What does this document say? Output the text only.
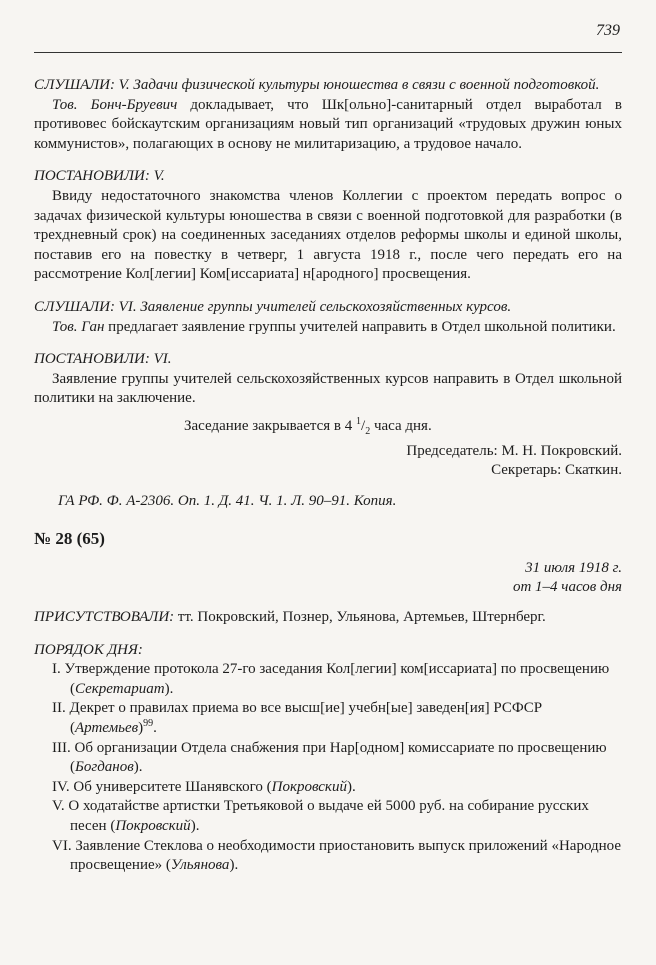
739

СЛУШАЛИ: V. Задачи физической культуры юношества в связи с военной подготовкой.

Тов. Бонч-Бруевич докладывает, что Шк[ольно]-санитарный отдел выработал в противовес бойскаутским организациям новый тип организаций «трудовых дружин юных коммунистов», полагающих в основу не милитаризацию, а трудовое начало.

ПОСТАНОВИЛИ: V.

Ввиду недостаточного знакомства членов Коллегии с проектом передать вопрос о задачах физической культуры юношества в связи с военной подготовкой для разработки (в трехдневный срок) на соединенных заседаниях отделов реформы школы и единой школы, поставив его на повестку в четверг, 1 августа 1918 г., после чего передать его на рассмотрение Кол[легии] Ком[иссариата] н[ародного] просвещения.

СЛУШАЛИ: VI. Заявление группы учителей сельскохозяйственных курсов.

Тов. Ган предлагает заявление группы учителей направить в Отдел школьной политики.

ПОСТАНОВИЛИ: VI.

Заявление группы учителей сельскохозяйственных курсов направить в Отдел школьной политики на заключение.

Заседание закрывается в 4 $^1/_2$ часа дня.

Председатель: М. Н. Покровский.

Секретарь: Скаткин.

ГА РФ. Ф. А-2306. Оп. 1. Д. 41. Ч. 1. Л. 90–91. Копия.

№ 28 (65)

31 июля 1918 г.

от 1–4 часов дня

ПРИСУТСТВОВАЛИ: тт. Покровский, Познер, Ульянова, Артемьев, Штернберг.

ПОРЯДОК ДНЯ:

I. Утверждение протокола 27-го заседания Кол[легии] ком[иссариата] по просвещению (Секретариат).

II. Декрет о правилах приема во все высш[ие] учебн[ые] заведен[ия] РСФСР (Артемьев)$^{99}$.

III. Об организации Отдела снабжения при Нар[одном] комиссариате по просвещению (Богданов).

IV. Об университете Шанявского (Покровский).

V. О ходатайстве артистки Третьяковой о выдаче ей 5000 руб. на собирание русских песен (Покровский).

VI. Заявление Стеклова о необходимости приостановить выпуск приложений «Народное просвещение» (Ульянова).
